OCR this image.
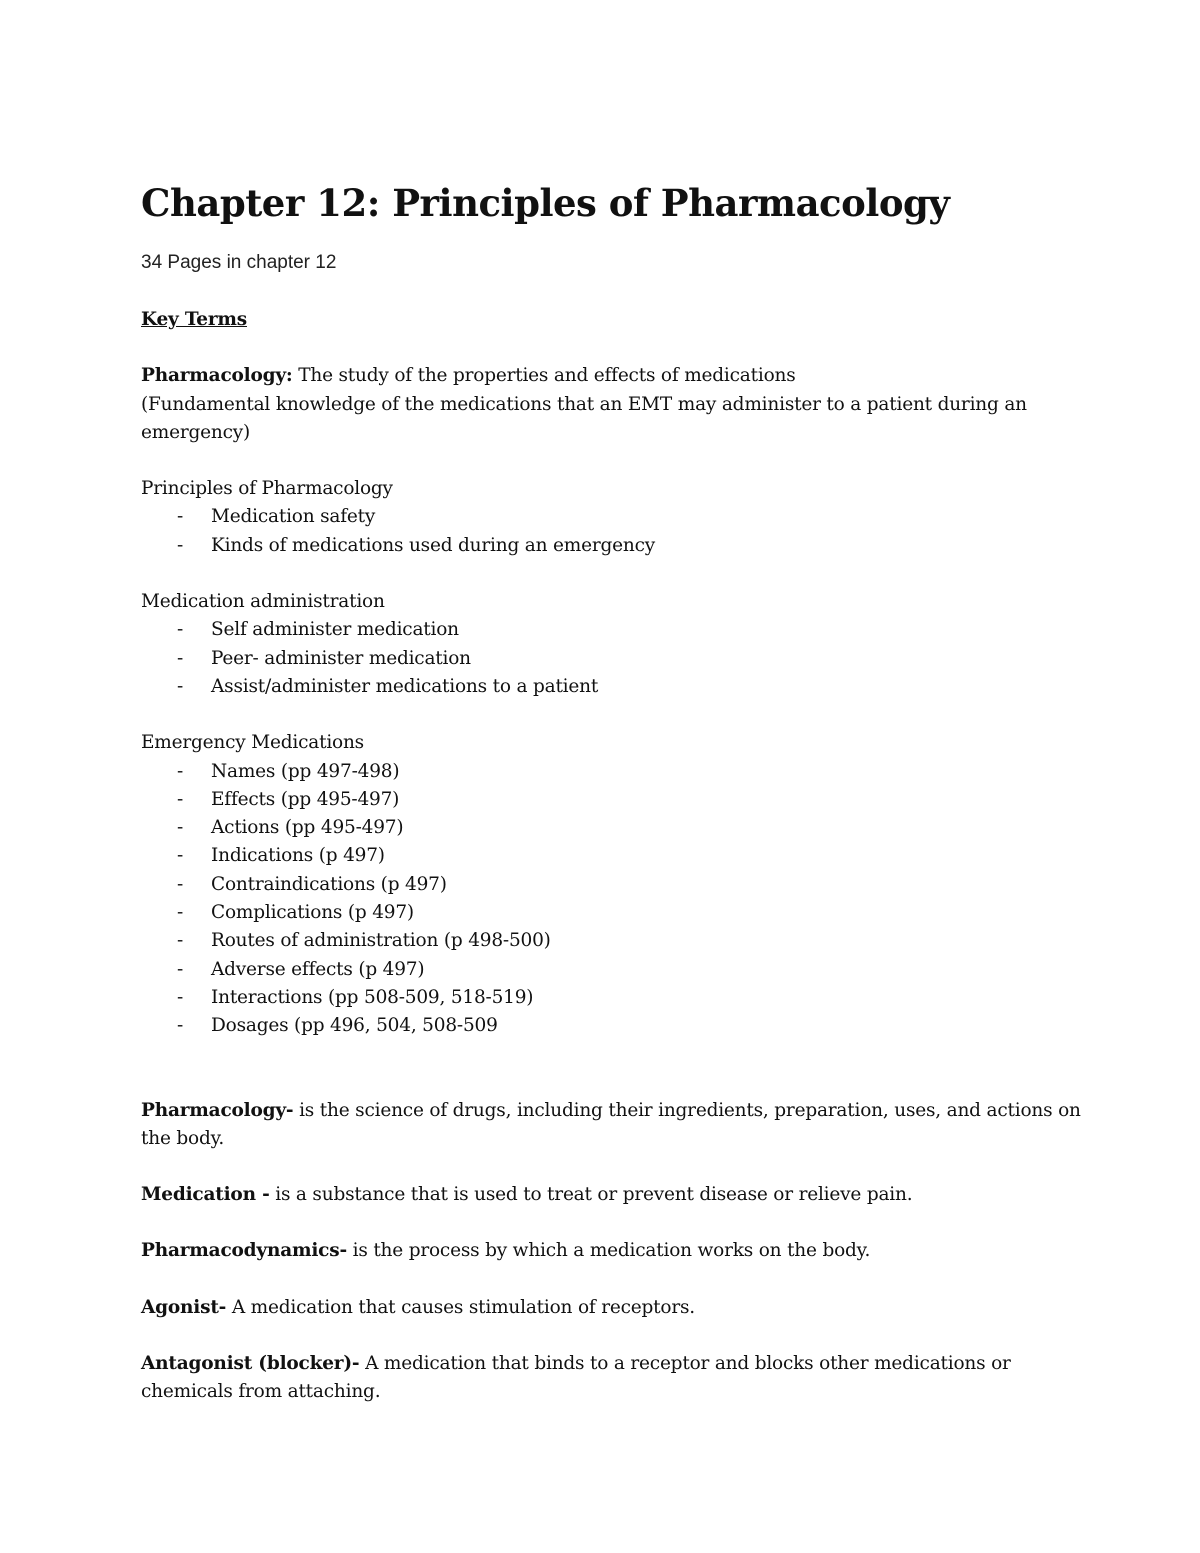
Chapter 12: Principles of Pharmacology

34 Pages in chapter 12

Key Terms

Pharmacology: The study of the properties and effects of medications

(Fundamental knowledge of the medications that an EMT may administer to a patient during an emergency)

Principles of Pharmacology

- Medication safety
- Kinds of medications used during an emergency

Medication administration

- Self administer medication
- Peer- administer medication
- Assist/administer medications to a patient

Emergency Medications

- Names (pp 497-498)
- Effects (pp 495-497)
- Actions (pp 495-497)
- Indications (p 497)
- Contraindications (p 497)
- Complications (p 497)
- Routes of administration (p 498-500)
- Adverse effects (p 497)
- Interactions (pp 508-509, 518-519)
- Dosages (pp 496, 504, 508-509

Pharmacology- is the science of drugs, including their ingredients, preparation, uses, and actions on the body.

Medication - is a substance that is used to treat or prevent disease or relieve pain.

Pharmacodynamics- is the process by which a medication works on the body.

Agonist- A medication that causes stimulation of receptors.

Antagonist (blocker)- A medication that binds to a receptor and blocks other medications or chemicals from attaching.
